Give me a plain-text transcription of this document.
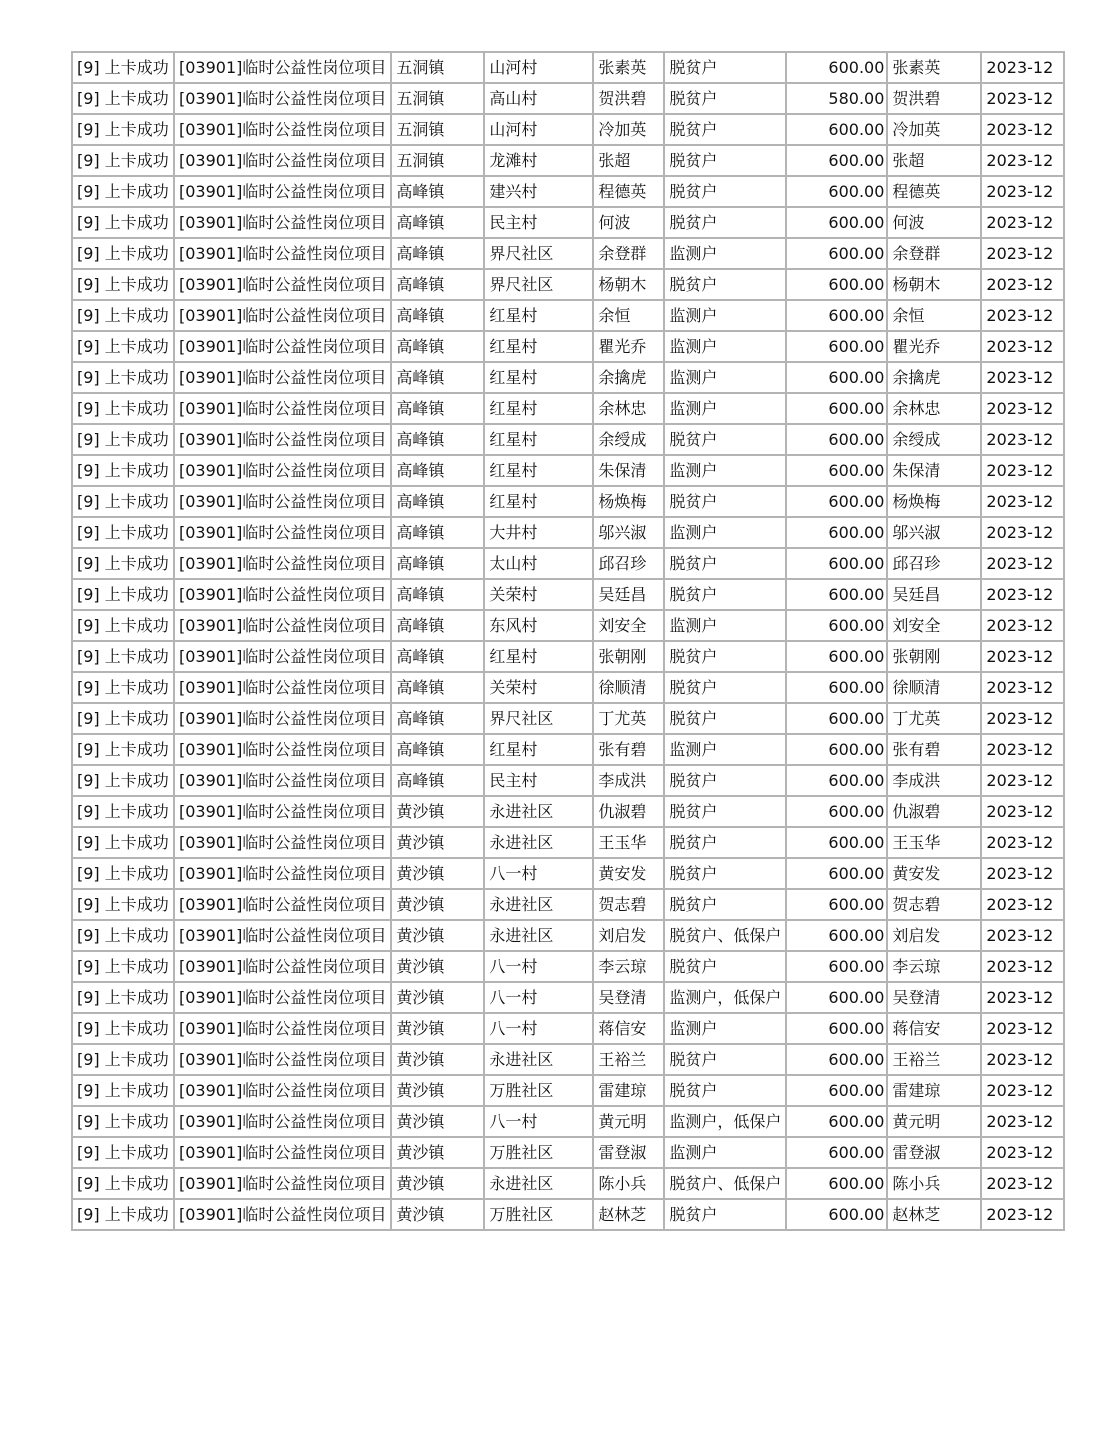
[9] 上卡成功	[03901]临时公益性岗位项目	五洞镇	山河村	张素英	脱贫户	600.00	张素英	2023-12
[9] 上卡成功	[03901]临时公益性岗位项目	五洞镇	高山村	贺洪碧	脱贫户	580.00	贺洪碧	2023-12
[9] 上卡成功	[03901]临时公益性岗位项目	五洞镇	山河村	冷加英	脱贫户	600.00	冷加英	2023-12
[9] 上卡成功	[03901]临时公益性岗位项目	五洞镇	龙滩村	张超	脱贫户	600.00	张超	2023-12
[9] 上卡成功	[03901]临时公益性岗位项目	高峰镇	建兴村	程德英	脱贫户	600.00	程德英	2023-12
[9] 上卡成功	[03901]临时公益性岗位项目	高峰镇	民主村	何波	脱贫户	600.00	何波	2023-12
[9] 上卡成功	[03901]临时公益性岗位项目	高峰镇	界尺社区	余登群	监测户	600.00	余登群	2023-12
[9] 上卡成功	[03901]临时公益性岗位项目	高峰镇	界尺社区	杨朝木	脱贫户	600.00	杨朝木	2023-12
[9] 上卡成功	[03901]临时公益性岗位项目	高峰镇	红星村	余恒	监测户	600.00	余恒	2023-12
[9] 上卡成功	[03901]临时公益性岗位项目	高峰镇	红星村	瞿光乔	监测户	600.00	瞿光乔	2023-12
[9] 上卡成功	[03901]临时公益性岗位项目	高峰镇	红星村	余擒虎	监测户	600.00	余擒虎	2023-12
[9] 上卡成功	[03901]临时公益性岗位项目	高峰镇	红星村	余林忠	监测户	600.00	余林忠	2023-12
[9] 上卡成功	[03901]临时公益性岗位项目	高峰镇	红星村	余绶成	脱贫户	600.00	余绶成	2023-12
[9] 上卡成功	[03901]临时公益性岗位项目	高峰镇	红星村	朱保清	监测户	600.00	朱保清	2023-12
[9] 上卡成功	[03901]临时公益性岗位项目	高峰镇	红星村	杨焕梅	脱贫户	600.00	杨焕梅	2023-12
[9] 上卡成功	[03901]临时公益性岗位项目	高峰镇	大井村	邬兴淑	监测户	600.00	邬兴淑	2023-12
[9] 上卡成功	[03901]临时公益性岗位项目	高峰镇	太山村	邱召珍	脱贫户	600.00	邱召珍	2023-12
[9] 上卡成功	[03901]临时公益性岗位项目	高峰镇	关荣村	吴廷昌	脱贫户	600.00	吴廷昌	2023-12
[9] 上卡成功	[03901]临时公益性岗位项目	高峰镇	东风村	刘安全	监测户	600.00	刘安全	2023-12
[9] 上卡成功	[03901]临时公益性岗位项目	高峰镇	红星村	张朝刚	脱贫户	600.00	张朝刚	2023-12
[9] 上卡成功	[03901]临时公益性岗位项目	高峰镇	关荣村	徐顺清	脱贫户	600.00	徐顺清	2023-12
[9] 上卡成功	[03901]临时公益性岗位项目	高峰镇	界尺社区	丁尤英	脱贫户	600.00	丁尤英	2023-12
[9] 上卡成功	[03901]临时公益性岗位项目	高峰镇	红星村	张有碧	监测户	600.00	张有碧	2023-12
[9] 上卡成功	[03901]临时公益性岗位项目	高峰镇	民主村	李成洪	脱贫户	600.00	李成洪	2023-12
[9] 上卡成功	[03901]临时公益性岗位项目	黄沙镇	永进社区	仇淑碧	脱贫户	600.00	仇淑碧	2023-12
[9] 上卡成功	[03901]临时公益性岗位项目	黄沙镇	永进社区	王玉华	脱贫户	600.00	王玉华	2023-12
[9] 上卡成功	[03901]临时公益性岗位项目	黄沙镇	八一村	黄安发	脱贫户	600.00	黄安发	2023-12
[9] 上卡成功	[03901]临时公益性岗位项目	黄沙镇	永进社区	贺志碧	脱贫户	600.00	贺志碧	2023-12
[9] 上卡成功	[03901]临时公益性岗位项目	黄沙镇	永进社区	刘启发	脱贫户、低保户	600.00	刘启发	2023-12
[9] 上卡成功	[03901]临时公益性岗位项目	黄沙镇	八一村	李云琼	脱贫户	600.00	李云琼	2023-12
[9] 上卡成功	[03901]临时公益性岗位项目	黄沙镇	八一村	吴登清	监测户，低保户	600.00	吴登清	2023-12
[9] 上卡成功	[03901]临时公益性岗位项目	黄沙镇	八一村	蒋信安	监测户	600.00	蒋信安	2023-12
[9] 上卡成功	[03901]临时公益性岗位项目	黄沙镇	永进社区	王裕兰	脱贫户	600.00	王裕兰	2023-12
[9] 上卡成功	[03901]临时公益性岗位项目	黄沙镇	万胜社区	雷建琼	脱贫户	600.00	雷建琼	2023-12
[9] 上卡成功	[03901]临时公益性岗位项目	黄沙镇	八一村	黄元明	监测户，低保户	600.00	黄元明	2023-12
[9] 上卡成功	[03901]临时公益性岗位项目	黄沙镇	万胜社区	雷登淑	监测户	600.00	雷登淑	2023-12
[9] 上卡成功	[03901]临时公益性岗位项目	黄沙镇	永进社区	陈小兵	脱贫户、低保户	600.00	陈小兵	2023-12
[9] 上卡成功	[03901]临时公益性岗位项目	黄沙镇	万胜社区	赵林芝	脱贫户	600.00	赵林芝	2023-12
